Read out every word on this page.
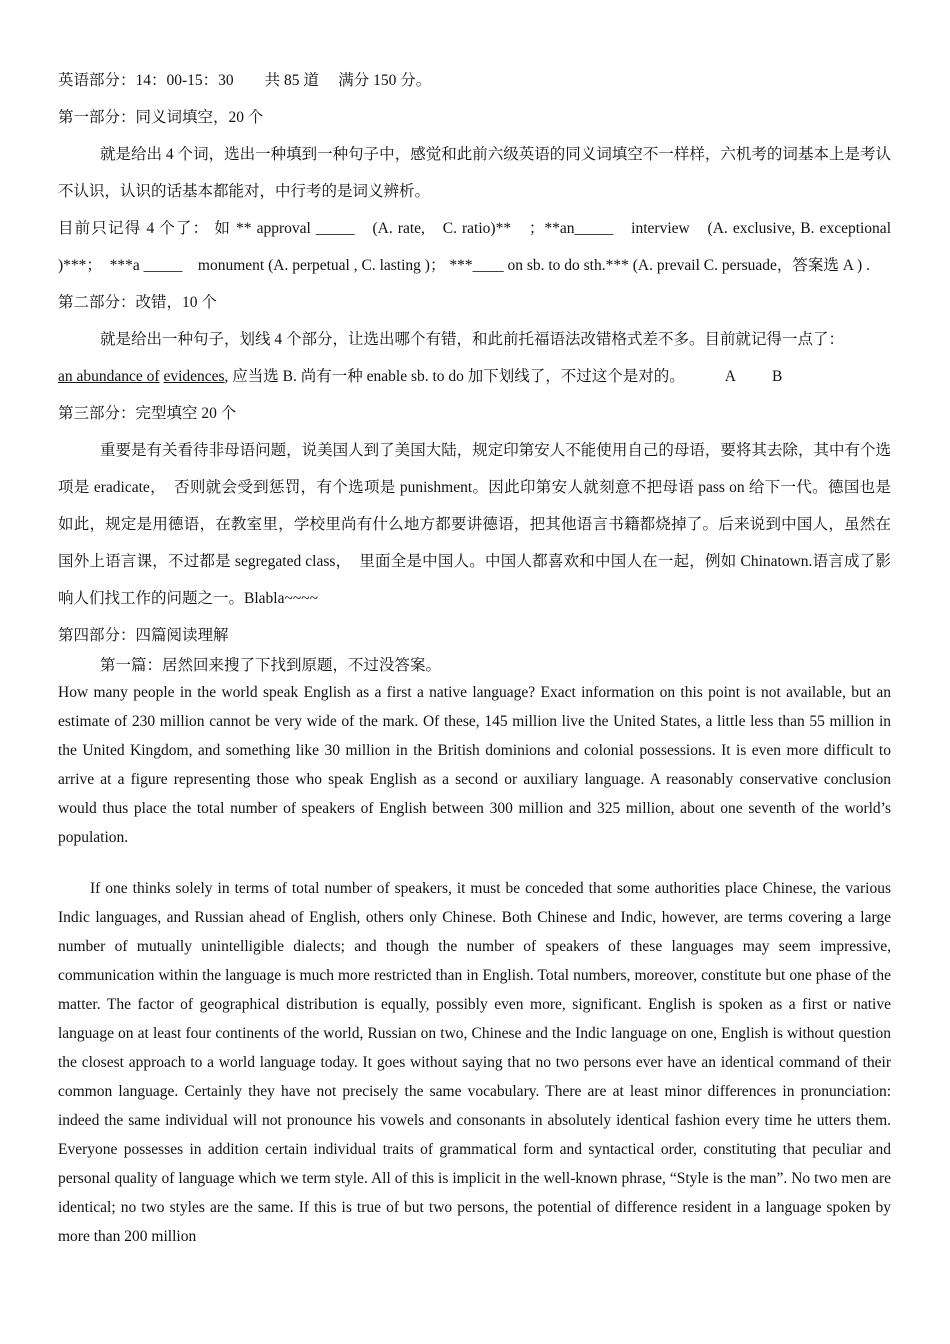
英语部分：14：00-15：30　　共 85 道　 满分 150 分。
第一部分：同义词填空，20 个
就是给出 4 个词，选出一种填到一种句子中，感觉和此前六级英语的同义词填空不一样样，六机考的词基本上是考认不认识，认识的话基本都能对，中行考的是词义辨析。
目前只记得 4 个了： 如 ** approval _____　(A. rate,　C. ratio)**　；**an_____　interview　(A. exclusive, B. exceptional )***；　***a _____　monument (A. perpetual , C. lasting )； ***____ on sb. to do sth.*** (A. prevail C. persuade，答案选 A ) .
第二部分：改错，10 个
就是给出一种句子，划线 4 个部分，让选出哪个有错，和此前托福语法改错格式差不多。目前就记得一点了：
an abundance of evidences, 应当选 B. 尚有一种 enable sb. to do 加下划线了，不过这个是对的。	A B
第三部分：完型填空 20 个
重要是有关看待非母语问题，说美国人到了美国大陆，规定印第安人不能使用自己的母语，要将其去除，其中有个选项是 eradicate，　否则就会受到惩罚，有个选项是 punishment。因此印第安人就刻意不把母语 pass on 给下一代。德国也是如此，规定是用德语，在教室里，学校里尚有什么地方都要讲德语，把其他语言书籍都烧掉了。后来说到中国人，虽然在国外上语言课，不过都是 segregated class，　里面全是中国人。中国人都喜欢和中国人在一起，例如 Chinatown.语言成了影响人们找工作的问题之一。Blabla~~~~
第四部分：四篇阅读理解
第一篇：居然回来搜了下找到原题，不过没答案。
How many people in the world speak English as a first a native language? Exact information on this point is not available, but an estimate of 230 million cannot be very wide of the mark. Of these, 145 million live the United States, a little less than 55 million in the United Kingdom, and something like 30 million in the British dominions and colonial possessions. It is even more difficult to arrive at a figure representing those who speak English as a second or auxiliary language. A reasonably conservative conclusion would thus place the total number of speakers of English between 300 million and 325 million, about one seventh of the world’s population.
If one thinks solely in terms of total number of speakers, it must be conceded that some authorities place Chinese, the various Indic languages, and Russian ahead of English, others only Chinese. Both Chinese and Indic, however, are terms covering a large number of mutually unintelligible dialects; and though the number of speakers of these languages may seem impressive, communication within the language is much more restricted than in English. Total numbers, moreover, constitute but one phase of the matter. The factor of geographical distribution is equally, possibly even more, significant. English is spoken as a first or native language on at least four continents of the world, Russian on two, Chinese and the Indic language on one, English is without question the closest approach to a world language today. It goes without saying that no two persons ever have an identical command of their common language. Certainly they have not precisely the same vocabulary. There are at least minor differences in pronunciation: indeed the same individual will not pronounce his vowels and consonants in absolutely identical fashion every time he utters them. Everyone possesses in addition certain individual traits of grammatical form and syntactical order, constituting that peculiar and personal quality of language which we term style. All of this is implicit in the well-known phrase, “Style is the man”. No two men are identical; no two styles are the same. If this is true of but two persons, the potential of difference resident in a language spoken by more than 200 million
